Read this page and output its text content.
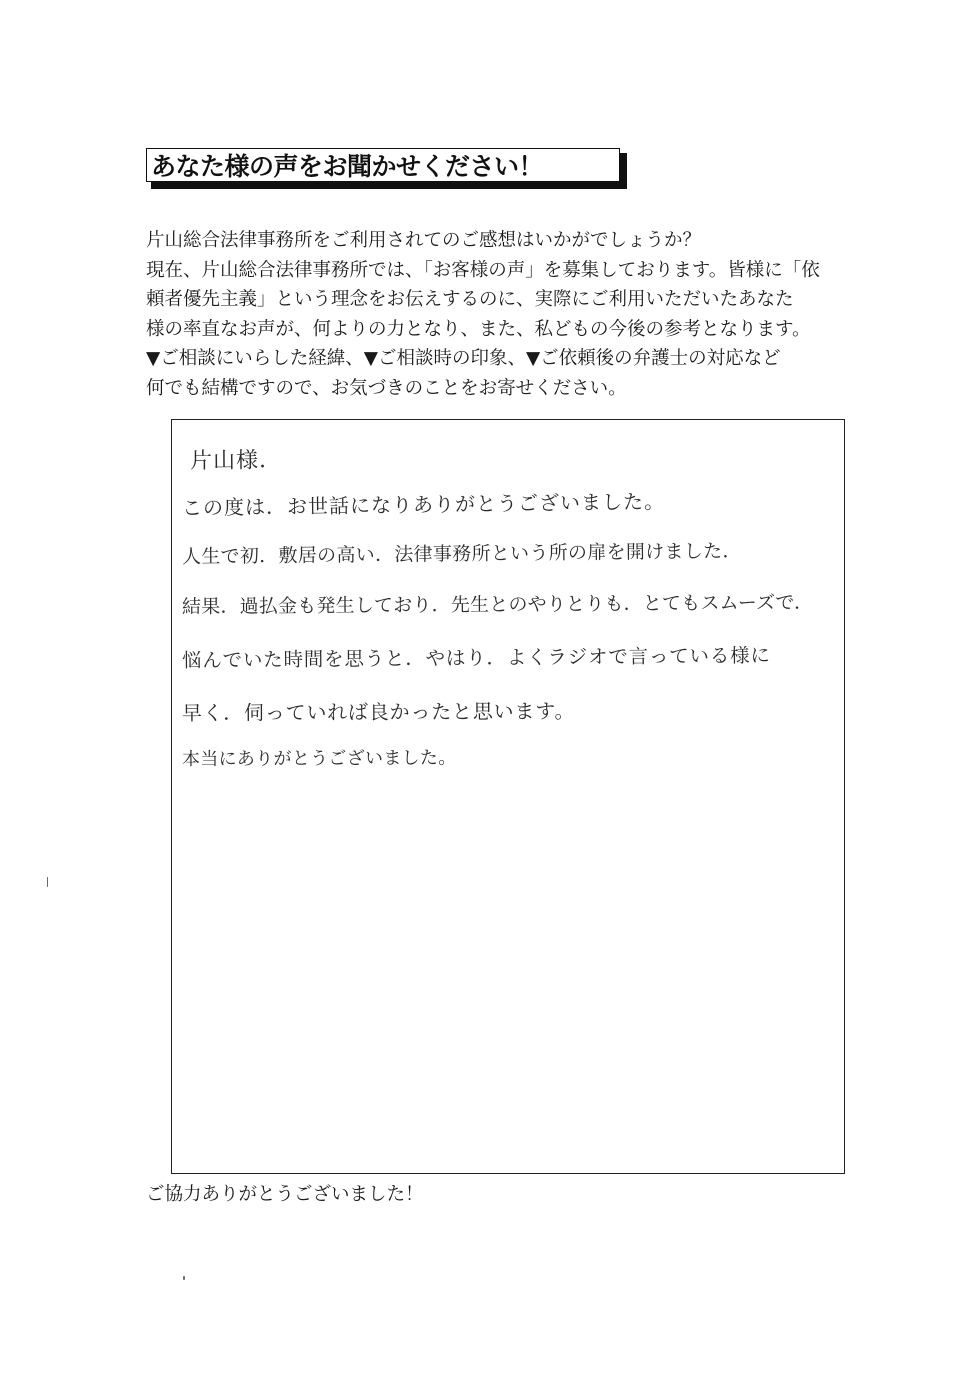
あなた様の声をお聞かせください！
片山総合法律事務所をご利用されてのご感想はいかがでしょうか？
現在、片山総合法律事務所では、「お客様の声」を募集しております。皆様に「依
頼者優先主義」という理念をお伝えするのに、実際にご利用いただいたあなた
様の率直なお声が、何よりの力となり、また、私どもの今後の参考となります。
▼ご相談にいらした経緯、▼ご相談時の印象、▼ご依頼後の弁護士の対応など
何でも結構ですので、お気づきのことをお寄せください。
片山様．
この度は．お世話になりありがとうございました。
人生で初．敷居の高い．法律事務所という所の扉を開けました．
結果．過払金も発生しており．先生とのやりとりも．とてもスムーズで．
悩んでいた時間を思うと．やはり．よくラジオで言っている様に
早く．伺っていれば良かったと思います。
本当にありがとうございました。
ご協力ありがとうございました！
